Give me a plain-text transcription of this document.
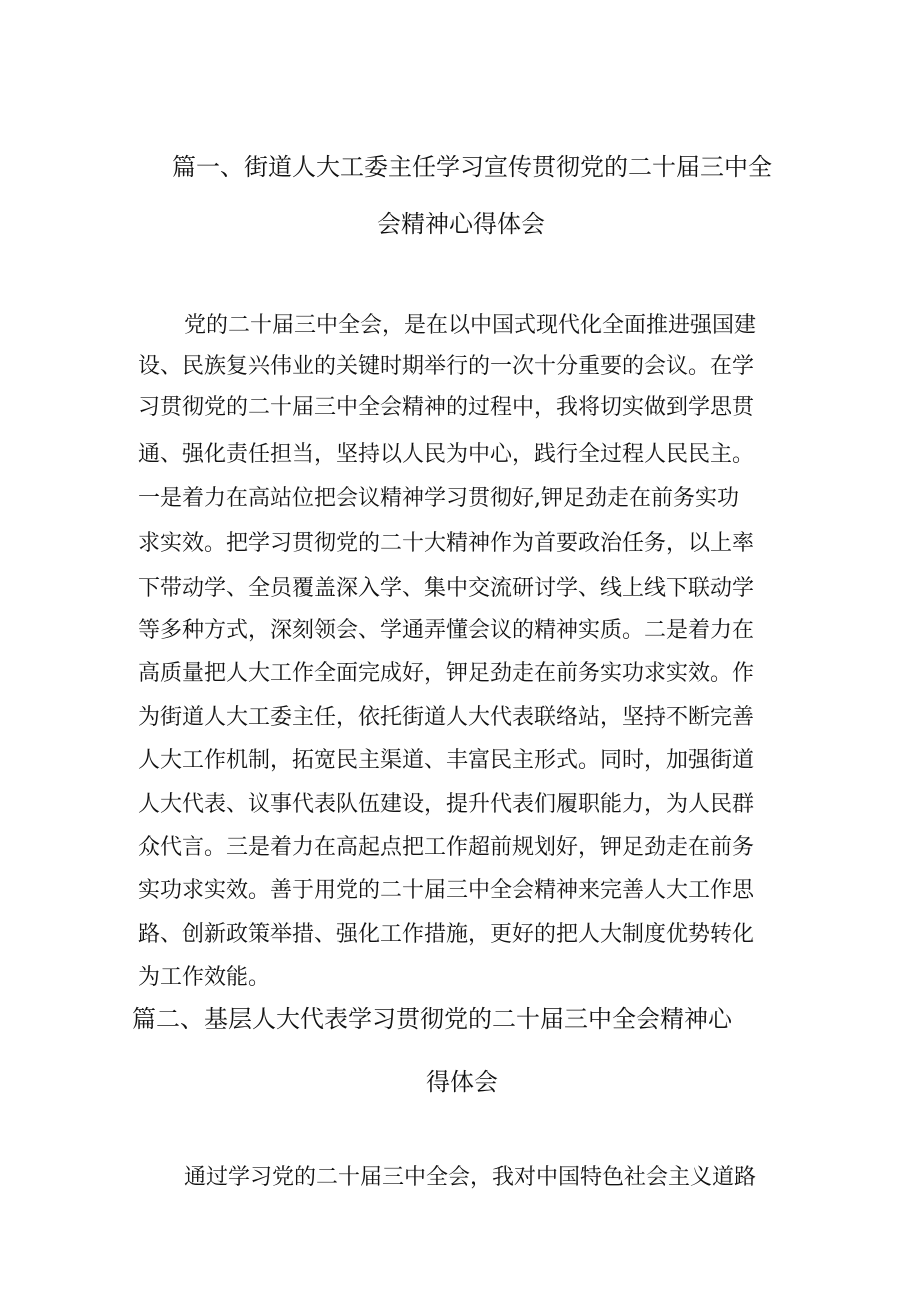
篇一、街道人大工委主任学习宣传贯彻党的二十届三中全
会精神心得体会
党的二十届三中全会，是在以中国式现代化全面推进强国建
设、民族复兴伟业的关键时期举行的一次十分重要的会议。在学
习贯彻党的二十届三中全会精神的过程中，我将切实做到学思贯
通、强化责任担当，坚持以人民为中心，践行全过程人民民主。
一是着力在高站位把会议精神学习贯彻好,钾足劲走在前务实功
求实效。把学习贯彻党的二十大精神作为首要政治任务，以上率
下带动学、全员覆盖深入学、集中交流研讨学、线上线下联动学
等多种方式，深刻领会、学通弄懂会议的精神实质。二是着力在
高质量把人大工作全面完成好，钾足劲走在前务实功求实效。作
为街道人大工委主任，依托街道人大代表联络站，坚持不断完善
人大工作机制，拓宽民主渠道、丰富民主形式。同时，加强街道
人大代表、议事代表队伍建设，提升代表们履职能力，为人民群
众代言。三是着力在高起点把工作超前规划好，钾足劲走在前务
实功求实效。善于用党的二十届三中全会精神来完善人大工作思
路、创新政策举措、强化工作措施，更好的把人大制度优势转化
为工作效能。
篇二、基层人大代表学习贯彻党的二十届三中全会精神心
得体会
通过学习党的二十届三中全会，我对中国特色社会主义道路
